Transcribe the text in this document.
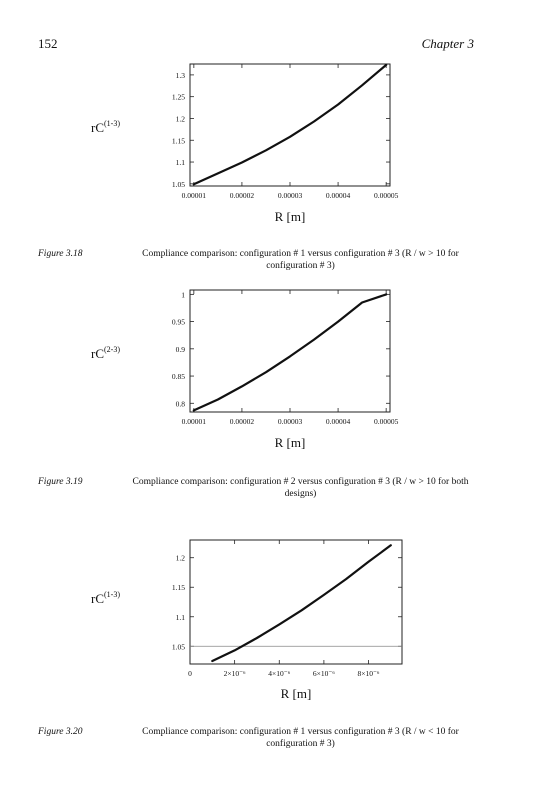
152	Chapter 3
0.00001	0.00002	0.00003	0.00004	0.00005
1.05
1.1
1.15
1.2
1.25
1.3
$rC^{(1-3)}$
R [m]
Figure 3.18	Compliance comparison: configuration # 1 versus configuration # 3 (R / w > 10 for configuration # 3)
0.00001	0.00002	0.00003	0.00004	0.00005
0.8
0.85
0.9
0.95
1
$rC^{(2-3)}$
R [m]
Figure 3.19	Compliance comparison: configuration # 2 versus configuration # 3 (R / w > 10 for both designs)
0	2×10⁻⁶	4×10⁻⁶	6×10⁻⁶	8×10⁻⁶
1.05
1.1
1.15
1.2
$rC^{(1-3)}$
R [m]
Figure 3.20	Compliance comparison: configuration # 1 versus configuration # 3 (R / w < 10 for configuration # 3)
